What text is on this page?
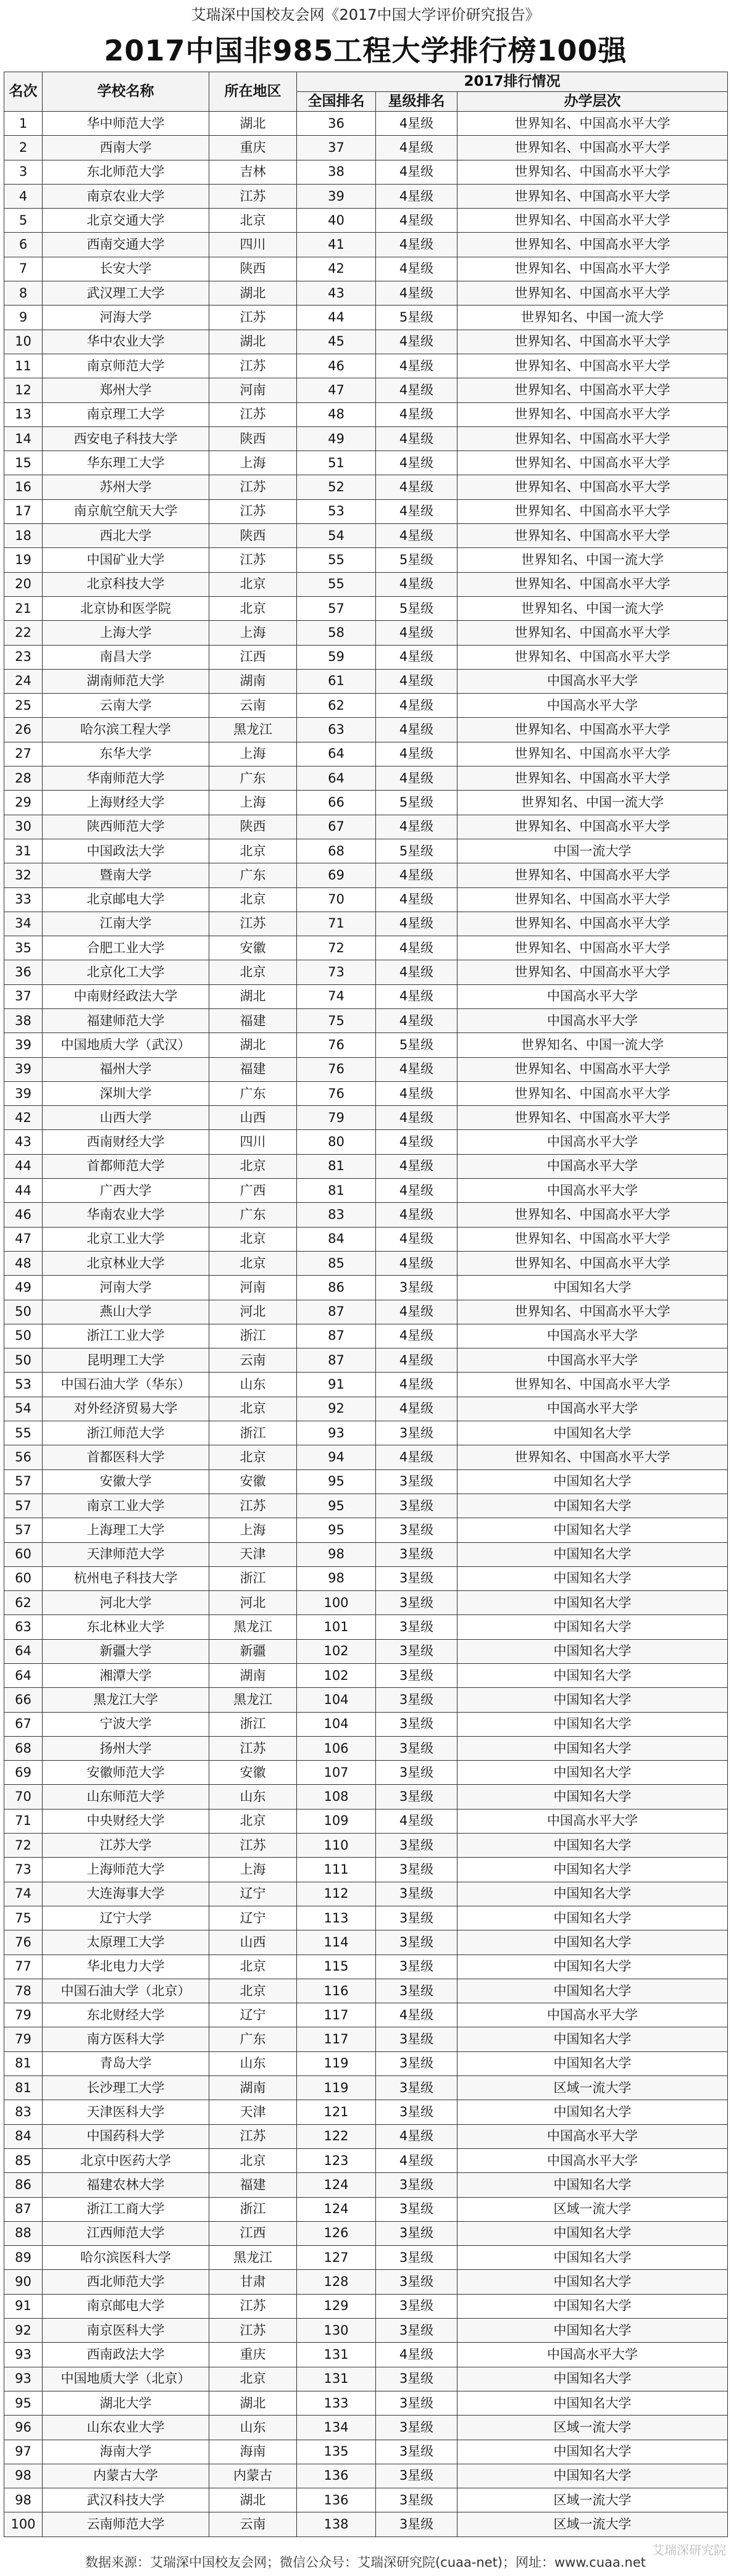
艾瑞深中国校友会网《2017中国大学评价研究报告》
2017中国非985工程大学排行榜100强
名次	学校名称	所在地区	2017排行情况		
			全国排名	星级排名	办学层次
1	华中师范大学	湖北	36	4星级	世界知名、中国高水平大学
2	西南大学	重庆	37	4星级	世界知名、中国高水平大学
3	东北师范大学	吉林	38	4星级	世界知名、中国高水平大学
4	南京农业大学	江苏	39	4星级	世界知名、中国高水平大学
5	北京交通大学	北京	40	4星级	世界知名、中国高水平大学
6	西南交通大学	四川	41	4星级	世界知名、中国高水平大学
7	长安大学	陕西	42	4星级	世界知名、中国高水平大学
8	武汉理工大学	湖北	43	4星级	世界知名、中国高水平大学
9	河海大学	江苏	44	5星级	世界知名、中国一流大学
10	华中农业大学	湖北	45	4星级	世界知名、中国高水平大学
11	南京师范大学	江苏	46	4星级	世界知名、中国高水平大学
12	郑州大学	河南	47	4星级	世界知名、中国高水平大学
13	南京理工大学	江苏	48	4星级	世界知名、中国高水平大学
14	西安电子科技大学	陕西	49	4星级	世界知名、中国高水平大学
15	华东理工大学	上海	51	4星级	世界知名、中国高水平大学
16	苏州大学	江苏	52	4星级	世界知名、中国高水平大学
17	南京航空航天大学	江苏	53	4星级	世界知名、中国高水平大学
18	西北大学	陕西	54	4星级	世界知名、中国高水平大学
19	中国矿业大学	江苏	55	5星级	世界知名、中国一流大学
20	北京科技大学	北京	55	4星级	世界知名、中国高水平大学
21	北京协和医学院	北京	57	5星级	世界知名、中国一流大学
22	上海大学	上海	58	4星级	世界知名、中国高水平大学
23	南昌大学	江西	59	4星级	世界知名、中国高水平大学
24	湖南师范大学	湖南	61	4星级	中国高水平大学
25	云南大学	云南	62	4星级	中国高水平大学
26	哈尔滨工程大学	黑龙江	63	4星级	世界知名、中国高水平大学
27	东华大学	上海	64	4星级	世界知名、中国高水平大学
28	华南师范大学	广东	64	4星级	世界知名、中国高水平大学
29	上海财经大学	上海	66	5星级	世界知名、中国一流大学
30	陕西师范大学	陕西	67	4星级	世界知名、中国高水平大学
31	中国政法大学	北京	68	5星级	中国一流大学
32	暨南大学	广东	69	4星级	世界知名、中国高水平大学
33	北京邮电大学	北京	70	4星级	世界知名、中国高水平大学
34	江南大学	江苏	71	4星级	世界知名、中国高水平大学
35	合肥工业大学	安徽	72	4星级	世界知名、中国高水平大学
36	北京化工大学	北京	73	4星级	世界知名、中国高水平大学
37	中南财经政法大学	湖北	74	4星级	中国高水平大学
38	福建师范大学	福建	75	4星级	中国高水平大学
39	中国地质大学（武汉）	湖北	76	5星级	世界知名、中国一流大学
39	福州大学	福建	76	4星级	世界知名、中国高水平大学
39	深圳大学	广东	76	4星级	世界知名、中国高水平大学
42	山西大学	山西	79	4星级	世界知名、中国高水平大学
43	西南财经大学	四川	80	4星级	中国高水平大学
44	首都师范大学	北京	81	4星级	中国高水平大学
44	广西大学	广西	81	4星级	中国高水平大学
46	华南农业大学	广东	83	4星级	世界知名、中国高水平大学
47	北京工业大学	北京	84	4星级	世界知名、中国高水平大学
48	北京林业大学	北京	85	4星级	世界知名、中国高水平大学
49	河南大学	河南	86	3星级	中国知名大学
50	燕山大学	河北	87	4星级	世界知名、中国高水平大学
50	浙江工业大学	浙江	87	4星级	中国高水平大学
50	昆明理工大学	云南	87	4星级	中国高水平大学
53	中国石油大学（华东）	山东	91	4星级	世界知名、中国高水平大学
54	对外经济贸易大学	北京	92	4星级	中国高水平大学
55	浙江师范大学	浙江	93	3星级	中国知名大学
56	首都医科大学	北京	94	4星级	世界知名、中国高水平大学
57	安徽大学	安徽	95	3星级	中国知名大学
57	南京工业大学	江苏	95	3星级	中国知名大学
57	上海理工大学	上海	95	3星级	中国知名大学
60	天津师范大学	天津	98	3星级	中国知名大学
60	杭州电子科技大学	浙江	98	3星级	中国知名大学
62	河北大学	河北	100	3星级	中国知名大学
63	东北林业大学	黑龙江	101	3星级	中国知名大学
64	新疆大学	新疆	102	3星级	中国知名大学
64	湘潭大学	湖南	102	3星级	中国知名大学
66	黑龙江大学	黑龙江	104	3星级	中国知名大学
67	宁波大学	浙江	104	3星级	中国知名大学
68	扬州大学	江苏	106	3星级	中国知名大学
69	安徽师范大学	安徽	107	3星级	中国知名大学
70	山东师范大学	山东	108	3星级	中国知名大学
71	中央财经大学	北京	109	4星级	中国高水平大学
72	江苏大学	江苏	110	3星级	中国知名大学
73	上海师范大学	上海	111	3星级	中国知名大学
74	大连海事大学	辽宁	112	3星级	中国知名大学
75	辽宁大学	辽宁	113	3星级	中国知名大学
76	太原理工大学	山西	114	3星级	中国知名大学
77	华北电力大学	北京	115	3星级	中国知名大学
78	中国石油大学（北京）	北京	116	3星级	中国知名大学
79	东北财经大学	辽宁	117	4星级	中国高水平大学
79	南方医科大学	广东	117	3星级	中国知名大学
81	青岛大学	山东	119	3星级	中国知名大学
81	长沙理工大学	湖南	119	3星级	区域一流大学
83	天津医科大学	天津	121	3星级	中国知名大学
84	中国药科大学	江苏	122	4星级	中国高水平大学
85	北京中医药大学	北京	123	4星级	中国高水平大学
86	福建农林大学	福建	124	3星级	中国知名大学
87	浙江工商大学	浙江	124	3星级	区域一流大学
88	江西师范大学	江西	126	3星级	中国知名大学
89	哈尔滨医科大学	黑龙江	127	3星级	中国知名大学
90	西北师范大学	甘肃	128	3星级	中国知名大学
91	南京邮电大学	江苏	129	3星级	中国知名大学
92	南京医科大学	江苏	130	3星级	中国知名大学
93	西南政法大学	重庆	131	4星级	中国高水平大学
93	中国地质大学（北京）	北京	131	3星级	中国知名大学
95	湖北大学	湖北	133	3星级	中国知名大学
96	山东农业大学	山东	134	3星级	区域一流大学
97	海南大学	海南	135	3星级	中国知名大学
98	内蒙古大学	内蒙古	136	3星级	中国知名大学
98	武汉科技大学	湖北	136	3星级	区域一流大学
100	云南师范大学	云南	138	3星级	区域一流大学
数据来源：艾瑞深中国校友会网；微信公众号：艾瑞深研究院(cuaa-net)；网址：www.cuaa.net
艾瑞深研究院
